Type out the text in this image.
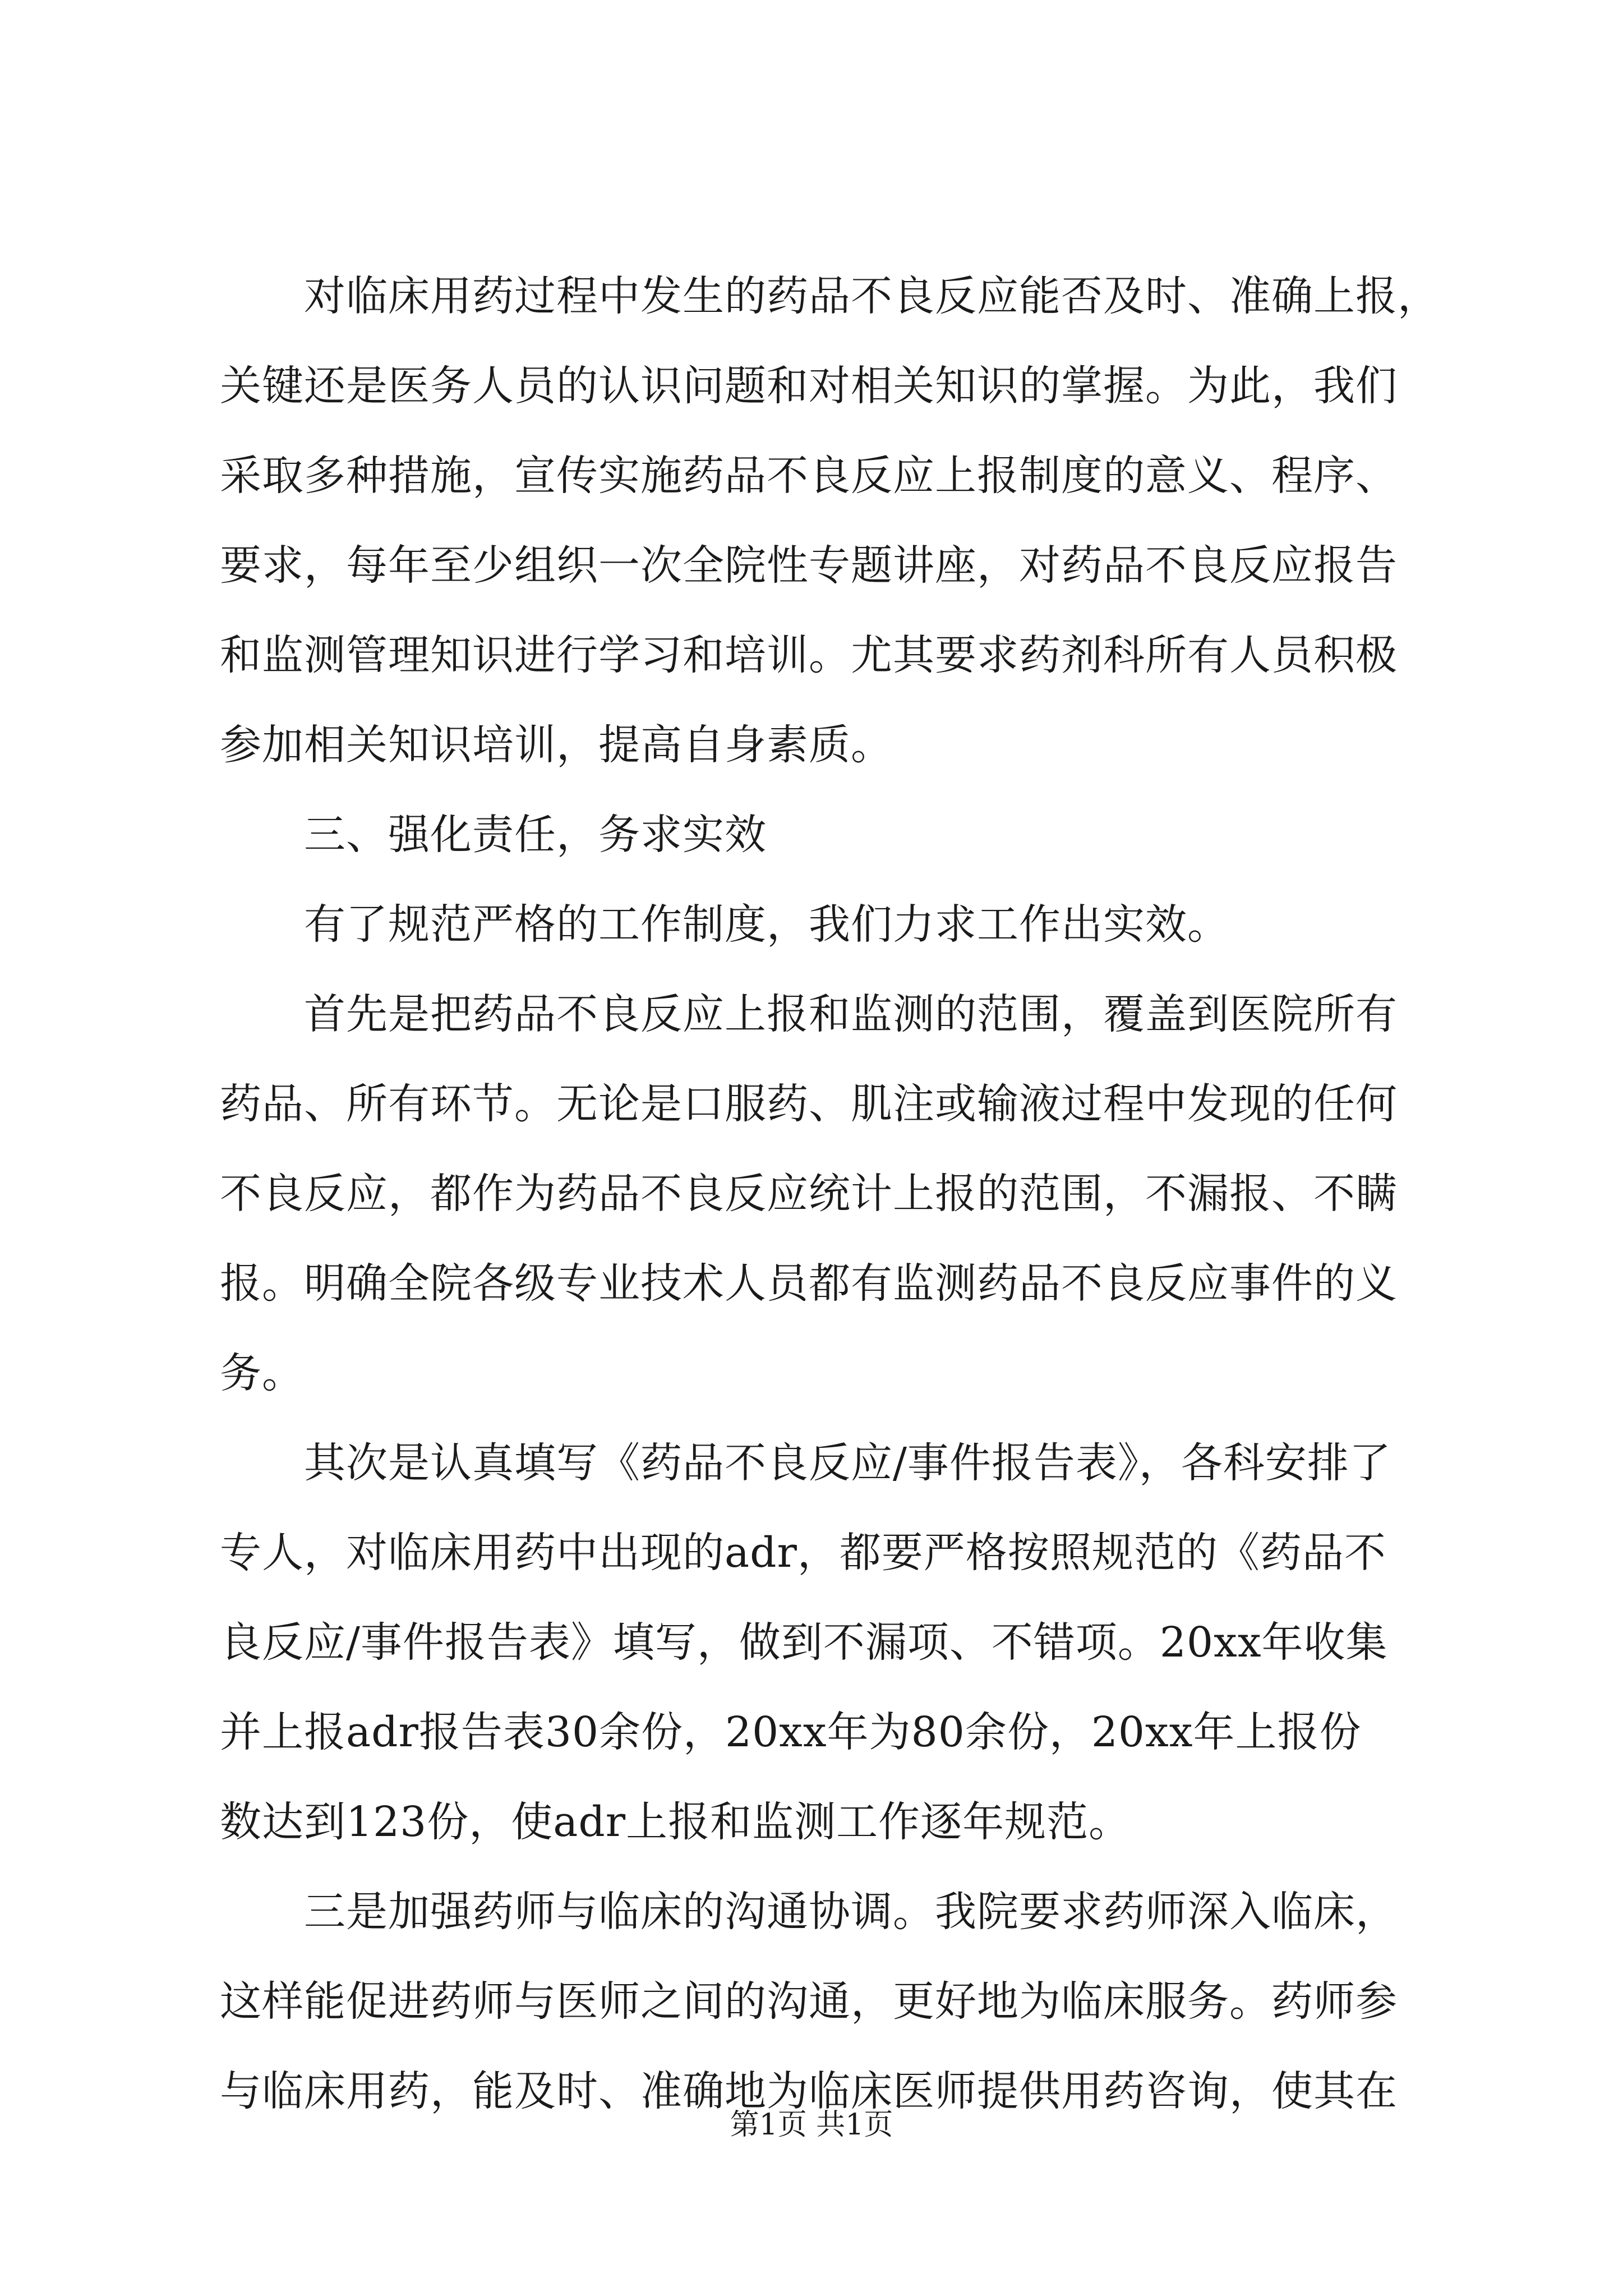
　　对临床用药过程中发生的药品不良反应能否及时、准确上报，
关键还是医务人员的认识问题和对相关知识的掌握。为此，我们
采取多种措施，宣传实施药品不良反应上报制度的意义、程序、
要求，每年至少组织一次全院性专题讲座，对药品不良反应报告
和监测管理知识进行学习和培训。尤其要求药剂科所有人员积极
参加相关知识培训，提高自身素质。
　　三、强化责任，务求实效
　　有了规范严格的工作制度，我们力求工作出实效。
　　首先是把药品不良反应上报和监测的范围，覆盖到医院所有
药品、所有环节。无论是口服药、肌注或输液过程中发现的任何
不良反应，都作为药品不良反应统计上报的范围，不漏报、不瞒
报。明确全院各级专业技术人员都有监测药品不良反应事件的义
务。
　　其次是认真填写《药品不良反应/事件报告表》，各科安排了
专人，对临床用药中出现的adr，都要严格按照规范的《药品不
良反应/事件报告表》填写，做到不漏项、不错项。20xx年收集
并上报adr报告表30余份，20xx年为80余份，20xx年上报份
数达到123份，使adr上报和监测工作逐年规范。
　　三是加强药师与临床的沟通协调。我院要求药师深入临床，
这样能促进药师与医师之间的沟通，更好地为临床服务。药师参
与临床用药，能及时、准确地为临床医师提供用药咨询，使其在
第1页 共1页
